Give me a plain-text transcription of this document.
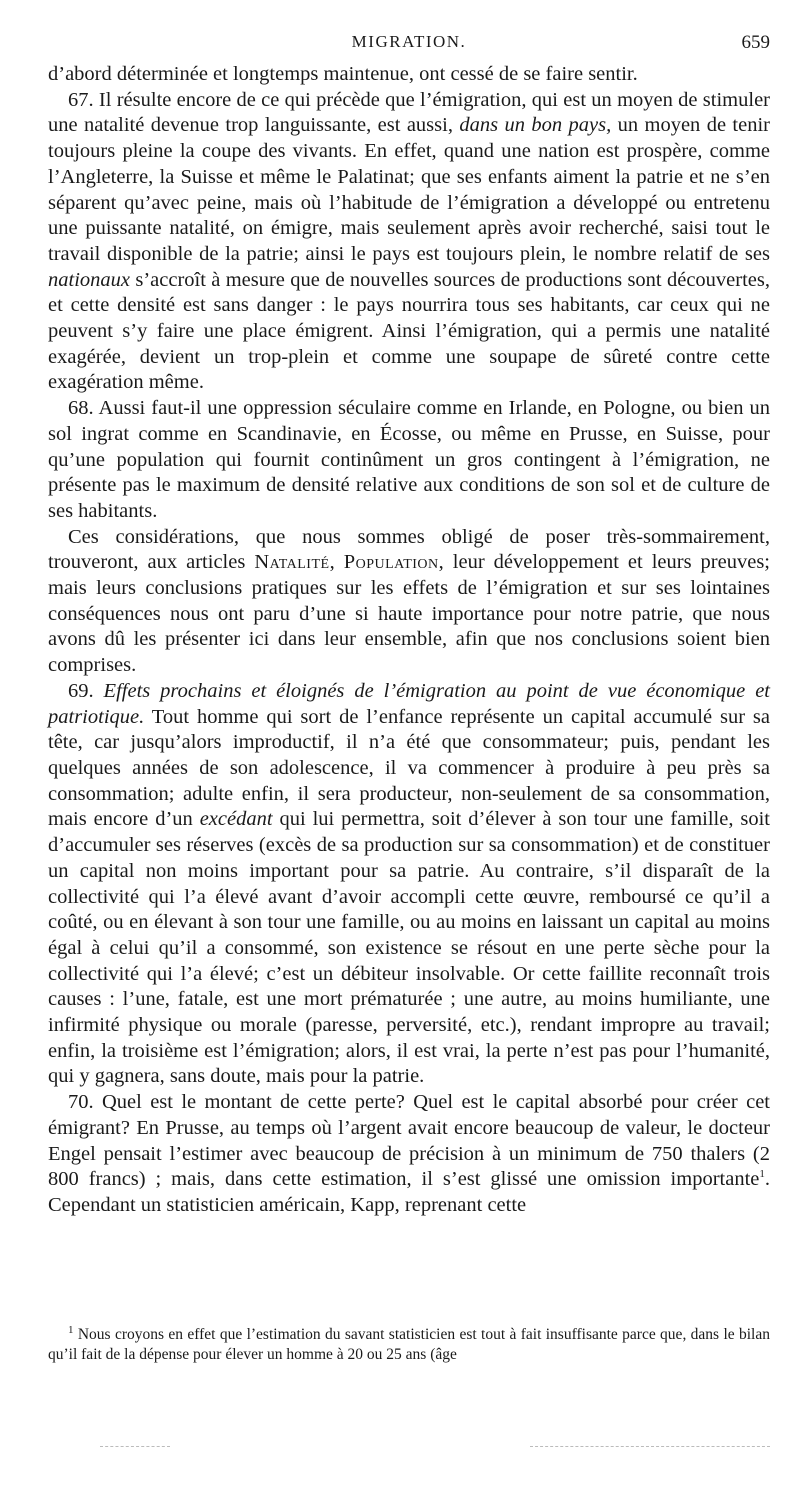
MIGRATION.	659

d’abord déterminée et longtemps maintenue, ont cessé de se faire sentir.

67. Il résulte encore de ce qui précède que l’émigration, qui est un moyen de stimuler une natalité devenue trop languissante, est aussi, dans un bon pays, un moyen de tenir toujours pleine la coupe des vivants. En effet, quand une nation est prospère, comme l’Angleterre, la Suisse et même le Palatinat; que ses enfants aiment la patrie et ne s’en séparent qu’avec peine, mais où l’habitude de l’émigration a développé ou entretenu une puissante natalité, on émigre, mais seulement après avoir recherché, saisi tout le travail disponible de la patrie; ainsi le pays est toujours plein, le nombre relatif de ses nationaux s’accroît à mesure que de nouvelles sources de productions sont découvertes, et cette densité est sans danger : le pays nourrira tous ses habitants, car ceux qui ne peuvent s’y faire une place émigrent. Ainsi l’émigration, qui a permis une natalité exagérée, devient un trop-plein et comme une soupape de sûreté contre cette exagération même.

68. Aussi faut-il une oppression séculaire comme en Irlande, en Pologne, ou bien un sol ingrat comme en Scandinavie, en Écosse, ou même en Prusse, en Suisse, pour qu’une population qui fournit continûment un gros contingent à l’émigration, ne présente pas le maximum de densité relative aux conditions de son sol et de culture de ses habitants.

Ces considérations, que nous sommes obligé de poser très-sommairement, trouveront, aux articles Natalité, Population, leur développement et leurs preuves; mais leurs conclusions pratiques sur les effets de l’émigration et sur ses lointaines conséquences nous ont paru d’une si haute importance pour notre patrie, que nous avons dû les présenter ici dans leur ensemble, afin que nos conclusions soient bien comprises.

69. Effets prochains et éloignés de l’émigration au point de vue économique et patriotique. Tout homme qui sort de l’enfance représente un capital accumulé sur sa tête, car jusqu’alors improductif, il n’a été que consommateur; puis, pendant les quelques années de son adolescence, il va commencer à produire à peu près sa consommation; adulte enfin, il sera producteur, non-seulement de sa consommation, mais encore d’un excédant qui lui permettra, soit d’élever à son tour une famille, soit d’accumuler ses réserves (excès de sa production sur sa consommation) et de constituer un capital non moins important pour sa patrie. Au contraire, s’il disparaît de la collectivité qui l’a élevé avant d’avoir accompli cette œuvre, remboursé ce qu’il a coûté, ou en élevant à son tour une famille, ou au moins en laissant un capital au moins égal à celui qu’il a consommé, son existence se résout en une perte sèche pour la collectivité qui l’a élevé; c’est un débiteur insolvable. Or cette faillite reconnaît trois causes : l’une, fatale, est une mort prématurée ; une autre, au moins humiliante, une infirmité physique ou morale (paresse, perversité, etc.), rendant impropre au travail; enfin, la troisième est l’émigration; alors, il est vrai, la perte n’est pas pour l’humanité, qui y gagnera, sans doute, mais pour la patrie.

70. Quel est le montant de cette perte? Quel est le capital absorbé pour créer cet émigrant? En Prusse, au temps où l’argent avait encore beaucoup de valeur, le docteur Engel pensait l’estimer avec beaucoup de précision à un minimum de 750 thalers (2 800 francs) ; mais, dans cette estimation, il s’est glissé une omission importante$^1$. Cependant un statisticien américain, Kapp, reprenant cette

$^1$ Nous croyons en effet que l’estimation du savant statisticien est tout à fait insuffisante parce que, dans le bilan qu’il fait de la dépense pour élever un homme à 20 ou 25 ans (âge
